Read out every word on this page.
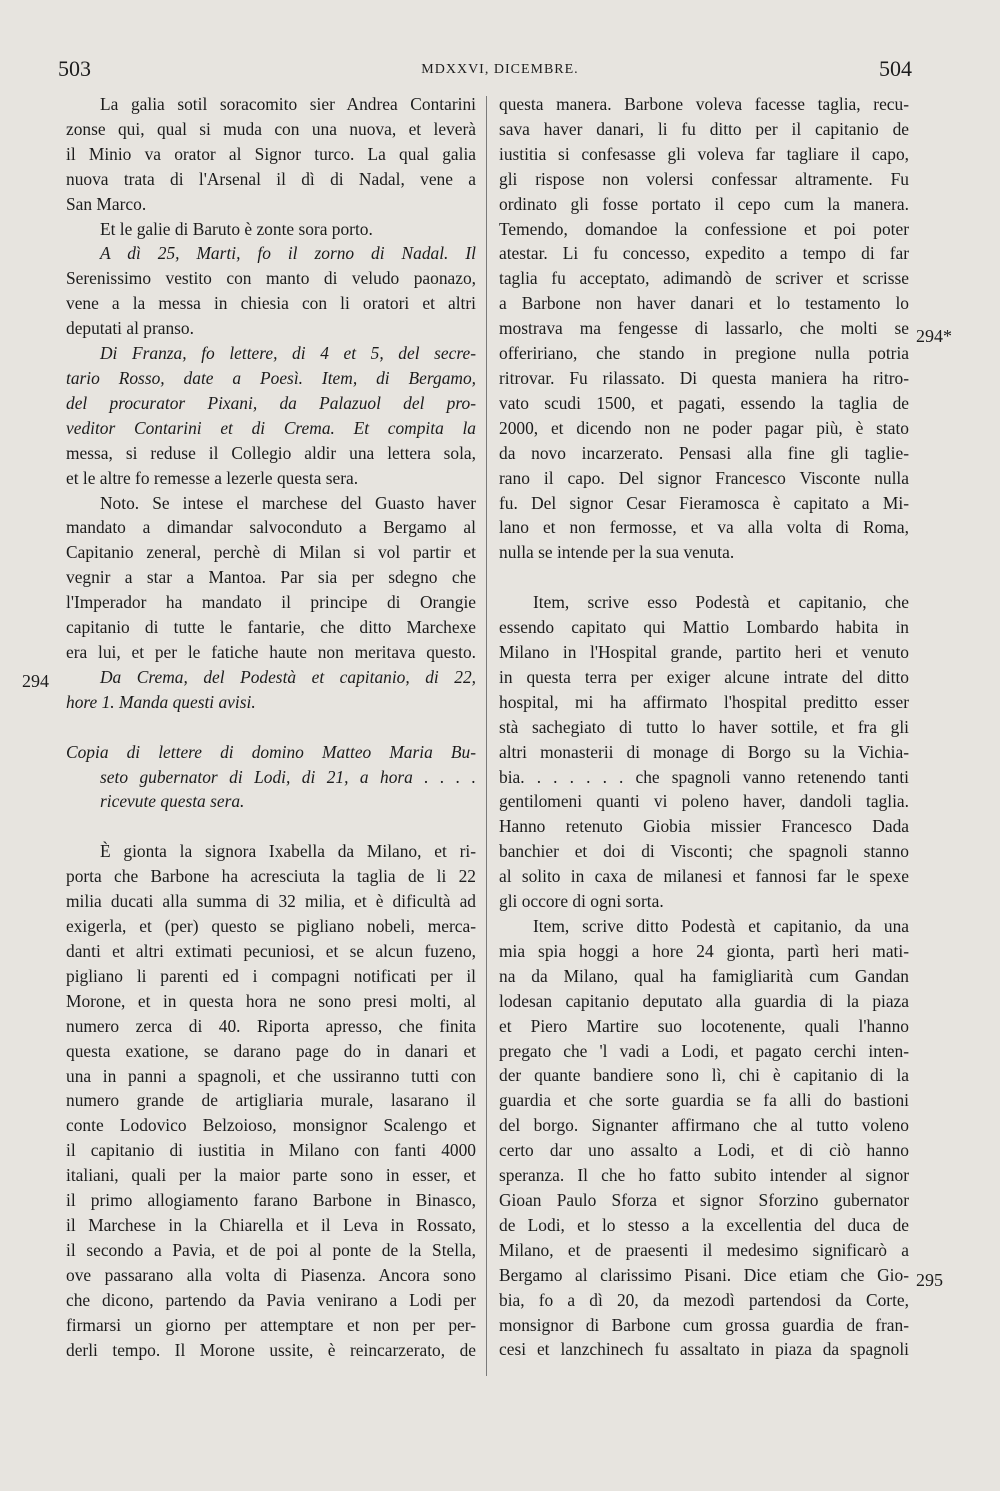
503	MDXXVI, DICEMBRE.	504
La galia sotil soracomito sier Andrea Contarini
zonse qui, qual si muda con una nuova, et leverà
il Minio va orator al Signor turco. La qual galia
nuova trata di l'Arsenal il dì di Nadal, vene a
San Marco.
Et le galie di Baruto è zonte sora porto.
A dì 25, Marti, fo il zorno di Nadal. Il
Serenissimo vestito con manto di veludo paonazo,
vene a la messa in chiesia con li oratori et altri
deputati al pranso.
Di Franza, fo lettere, di 4 et 5, del secre-
tario Rosso, date a Poesì. Item, di Bergamo,
del procurator Pixani, da Palazuol del pro-
veditor Contarini et di Crema. Et compita la
messa, si reduse il Collegio aldir una lettera sola,
et le altre fo remesse a lezerle questa sera.
Noto. Se intese el marchese del Guasto haver
mandato a dimandar salvoconduto a Bergamo al
Capitanio zeneral, perchè di Milan si vol partir et
vegnir a star a Mantoa. Par sia per sdegno che
l'Imperador ha mandato il principe di Orangie
capitanio di tutte le fantarie, che ditto Marchexe
era lui, et per le fatiche haute non meritava questo.
Da Crema, del Podestà et capitanio, di 22,
hore 1. Manda questi avisi.
Copia di lettere di domino Matteo Maria Bu-
seto gubernator di Lodi, di 21, a hora . . . .
ricevute questa sera.
È gionta la signora Ixabella da Milano, et ri-
porta che Barbone ha acresciuta la taglia de li 22
milia ducati alla summa di 32 milia, et è dificultà ad
exigerla, et (per) questo se pigliano nobeli, merca-
danti et altri extimati pecuniosi, et se alcun fuzeno,
pigliano li parenti ed i compagni notificati per il
Morone, et in questa hora ne sono presi molti, al
numero zerca di 40. Riporta apresso, che finita
questa exatione, se darano page do in danari et
una in panni a spagnoli, et che ussiranno tutti con
numero grande de artigliaria murale, lasarano il
conte Lodovico Belzoioso, monsignor Scalengo et
il capitanio di iustitia in Milano con fanti 4000
italiani, quali per la maior parte sono in esser, et
il primo allogiamento farano Barbone in Binasco,
il Marchese in la Chiarella et il Leva in Rossato,
il secondo a Pavia, et de poi al ponte de la Stella,
ove passarano alla volta di Piasenza. Ancora sono
che dicono, partendo da Pavia venirano a Lodi per
firmarsi un giorno per attemptare et non per per-
derli tempo. Il Morone ussite, è reincarzerato, de
questa manera. Barbone voleva facesse taglia, recu-
sava haver danari, li fu ditto per il capitanio de
iustitia si confesasse gli voleva far tagliare il capo,
gli rispose non volersi confessar altramente. Fu
ordinato gli fosse portato il cepo cum la manera.
Temendo, domandoe la confessione et poi poter
atestar. Li fu concesso, expedito a tempo di far
taglia fu acceptato, adimandò de scriver et scrisse
a Barbone non haver danari et lo testamento lo
mostrava ma fengesse di lassarlo, che molti se
offeririano, che stando in pregione nulla potria
ritrovar. Fu rilassato. Di questa maniera ha ritro-
vato scudi 1500, et pagati, essendo la taglia de
2000, et dicendo non ne poder pagar più, è stato
da novo incarzerato. Pensasi alla fine gli taglie-
rano il capo. Del signor Francesco Visconte nulla
fu. Del signor Cesar Fieramosca è capitato a Mi-
lano et non fermosse, et va alla volta di Roma,
nulla se intende per la sua venuta.
Item, scrive esso Podestà et capitanio, che
essendo capitato qui Mattio Lombardo habita in
Milano in l'Hospital grande, partito heri et venuto
in questa terra per exiger alcune intrate del ditto
hospital, mi ha affirmato l'hospital preditto esser
stà sachegiato di tutto lo haver sottile, et fra gli
altri monasterii di monage di Borgo su la Vichia-
bia. . . . . . . che spagnoli vanno retenendo tanti
gentilomeni quanti vi poleno haver, dandoli taglia.
Hanno retenuto Giobia missier Francesco Dada
banchier et doi di Visconti; che spagnoli stanno
al solito in caxa de milanesi et fannosi far le spexe
gli occore di ogni sorta.
Item, scrive ditto Podestà et capitanio, da una
mia spia hoggi a hore 24 gionta, partì heri mati-
na da Milano, qual ha famigliarità cum Gandan
lodesan capitanio deputato alla guardia di la piaza
et Piero Martire suo locotenente, quali l'hanno
pregato che 'l vadi a Lodi, et pagato cerchi inten-
der quante bandiere sono lì, chi è capitanio di la
guardia et che sorte guardia se fa alli do bastioni
del borgo. Signanter affirmano che al tutto voleno
certo dar uno assalto a Lodi, et di ciò hanno
speranza. Il che ho fatto subito intender al signor
Gioan Paulo Sforza et signor Sforzino gubernator
de Lodi, et lo stesso a la excellentia del duca de
Milano, et de praesenti il medesimo significarò a
Bergamo al clarissimo Pisani. Dice etiam che Gio-
bia, fo a dì 20, da mezodì partendosi da Corte,
monsignor di Barbone cum grossa guardia de fran-
cesi et lanzchinech fu assaltato in piaza da spagnoli
294
294*
295
